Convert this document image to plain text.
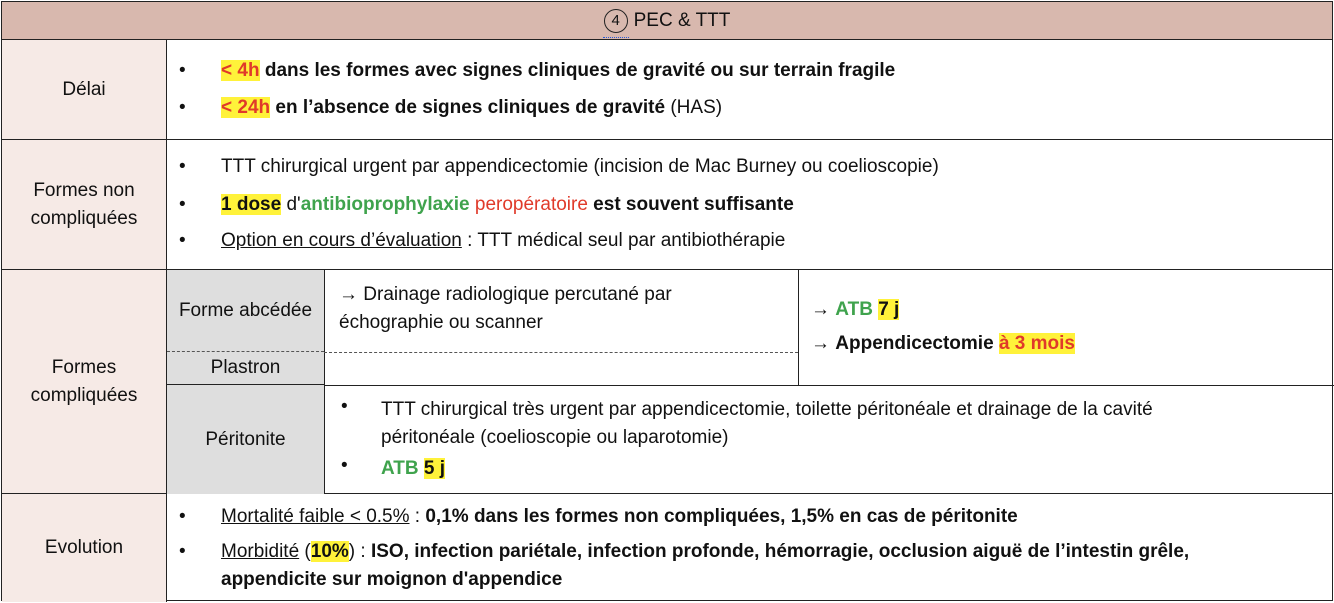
4 PEC & TTT
Délai
• < 4h dans les formes avec signes cliniques de gravité ou sur terrain fragile
• < 24h en l’absence de signes cliniques de gravité (HAS)
Formes non compliquées
• TTT chirurgical urgent par appendicectomie (incision de Mac Burney ou coelioscopie)
• 1 dose d'antibioprophylaxie peropératoire est souvent suffisante
• Option en cours d’évaluation : TTT médical seul par antibiothérapie
Formes compliquées
Forme abcédée
Plastron
Péritonite
→ Drainage radiologique percutané par échographie ou scanner
→ ATB 7 j
→ Appendicectomie à 3 mois
• TTT chirurgical très urgent par appendicectomie, toilette péritonéale et drainage de la cavité
péritonéale (coelioscopie ou laparotomie)
• ATB 5 j
Evolution
• Mortalité faible < 0.5% : 0,1% dans les formes non compliquées, 1,5% en cas de péritonite
• Morbidité (10%) : ISO, infection pariétale, infection profonde, hémorragie, occlusion aiguë de l’intestin grêle,
appendicite sur moignon d'appendice
